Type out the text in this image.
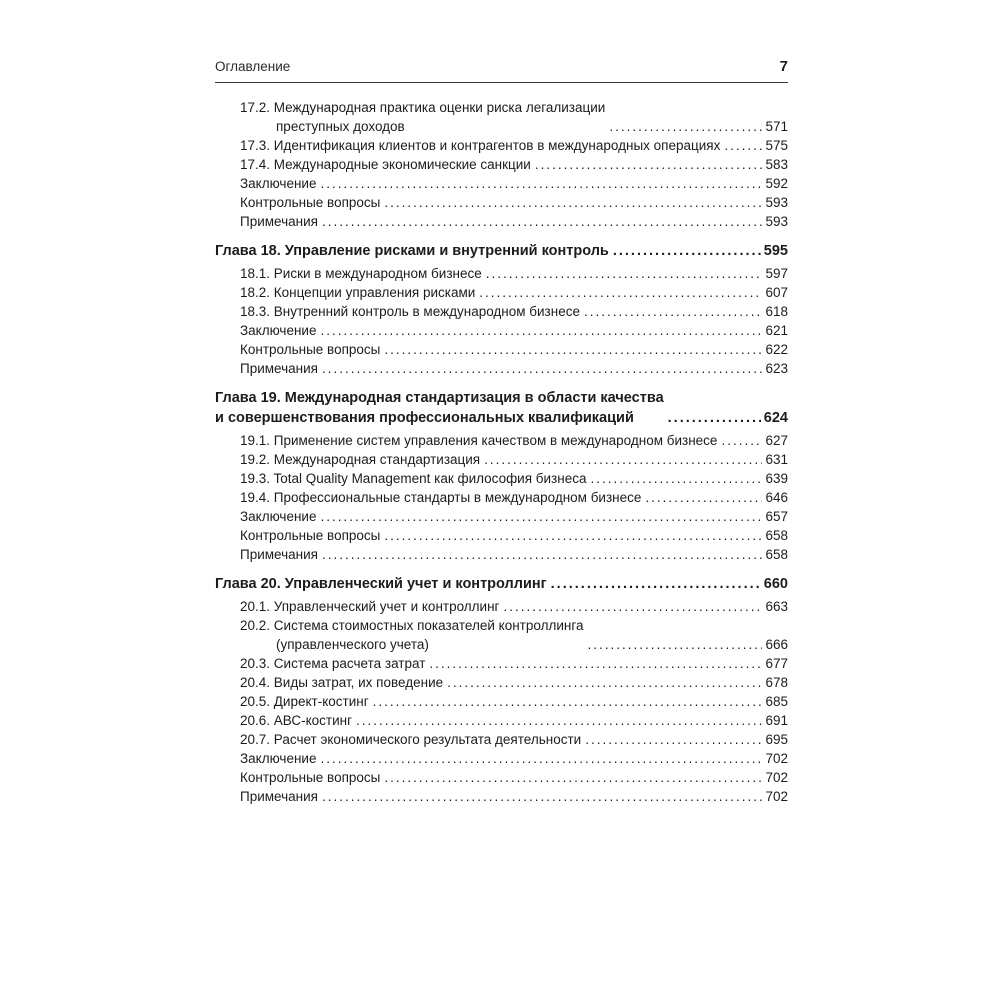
Оглавление	7
17.2. Международная практика оценки риска легализации
преступных доходов .....	571
17.3. Идентификация клиентов и контрагентов в международных операциях .....	575
17.4. Международные экономические санкции .....	583
Заключение .....	592
Контрольные вопросы .....	593
Примечания .....	593
Глава 18. Управление рисками и внутренний контроль .....	595
18.1. Риски в международном бизнесе .....	597
18.2. Концепции управления рисками .....	607
18.3. Внутренний контроль в международном бизнесе .....	618
Заключение .....	621
Контрольные вопросы .....	622
Примечания .....	623
Глава 19. Международная стандартизация в области качества
и совершенствования профессиональных квалификаций .....	624
19.1. Применение систем управления качеством в международном бизнесе .....	627
19.2. Международная стандартизация .....	631
19.3. Total Quality Management как философия бизнеса .....	639
19.4. Профессиональные стандарты в международном бизнесе .....	646
Заключение .....	657
Контрольные вопросы .....	658
Примечания .....	658
Глава 20. Управленческий учет и контроллинг .....	660
20.1. Управленческий учет и контроллинг .....	663
20.2. Система стоимостных показателей контроллинга
(управленческого учета) .....	666
20.3. Система расчета затрат .....	677
20.4. Виды затрат, их поведение .....	678
20.5. Директ-костинг .....	685
20.6. АВС-костинг .....	691
20.7. Расчет экономического результата деятельности .....	695
Заключение .....	702
Контрольные вопросы .....	702
Примечания .....	702
